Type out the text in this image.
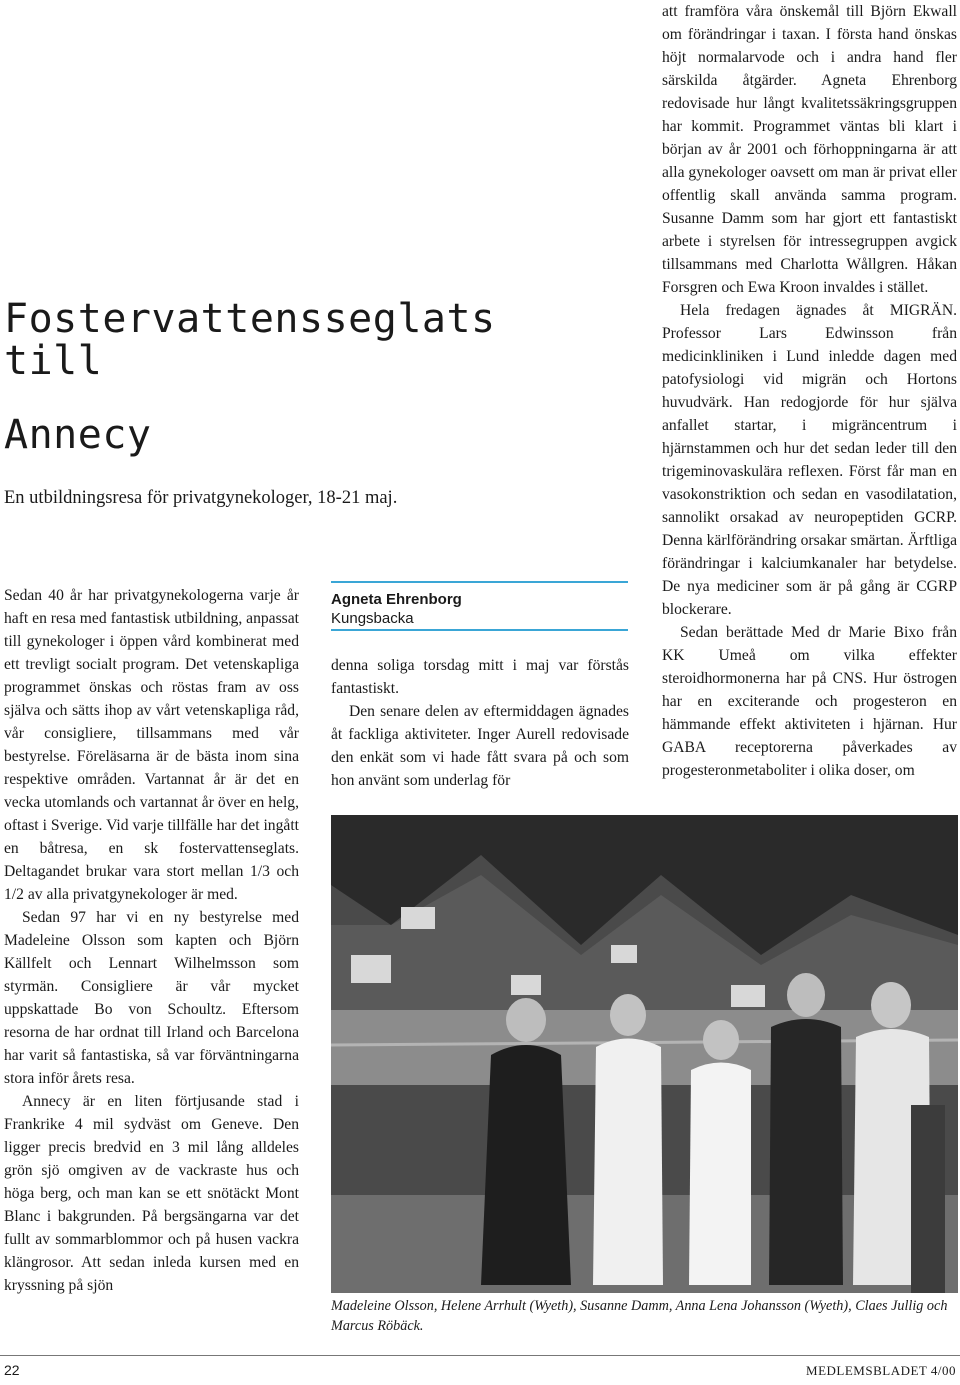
Fostervattensseglats till
Annecy

En utbildningsresa för privatgynekologer, 18-21 maj.

Sedan 40 år har privatgynekologerna varje år haft en resa med fantastisk utbildning, anpassat till gynekologer i öppen vård kombinerat med ett trevligt socialt program. Det vetenskapliga programmet önskas och röstas fram av oss själva och sätts ihop av vårt vetenskapliga råd, vår consigliere, tillsammans med vår bestyrelse. Föreläsarna är de bästa inom sina respektive områden. Vartannat år är det en vecka utomlands och vartannat år över en helg, oftast i Sverige. Vid varje tillfälle har det ingått en båtresa, en sk fostervattenseglats. Deltagandet brukar vara stort mellan 1/3 och 1/2 av alla privatgynekologer är med.

Sedan 97 har vi en ny bestyrelse med Madeleine Olsson som kapten och Björn Källfelt och Lennart Wilhelmsson som styrmän. Consigliere är vår mycket uppskattade Bo von Schoultz. Eftersom resorna de har ordnat till Irland och Barcelona har varit så fantastiska, så var förväntningarna stora inför årets resa.

Annecy är en liten förtjusande stad i Frankrike 4 mil sydväst om Geneve. Den ligger precis bredvid en 3 mil lång alldeles grön sjö omgiven av de vackraste hus och höga berg, och man kan se ett snötäckt Mont Blanc i bakgrunden. På bergsängarna var det fullt av sommarblommor och på husen vackra klängrosor. Att sedan inleda kursen med en kryssning på sjön

Agneta Ehrenborg
Kungsbacka

denna soliga torsdag mitt i maj var förstås fantastiskt.

Den senare delen av eftermiddagen ägnades åt fackliga aktiviteter. Inger Aurell redovisade den enkät som vi hade fått svara på och som hon använt som underlag för

att framföra våra önskemål till Björn Ekwall om förändringar i taxan. I första hand önskas höjt normalarvode och i andra hand fler särskilda åtgärder. Agneta Ehrenborg redovisade hur långt kvalitetssäkringsgruppen har kommit. Programmet väntas bli klart i början av år 2001 och förhoppningarna är att alla gynekologer oavsett om man är privat eller offentlig skall använda samma program. Susanne Damm som har gjort ett fantastiskt arbete i styrelsen för intressegruppen avgick tillsammans med Charlotta Wållgren. Håkan Forsgren och Ewa Kroon invaldes i stället.

Hela fredagen ägnades åt MIGRÄN. Professor Lars Edwinsson från medicinkliniken i Lund inledde dagen med patofysiologi vid migrän och Hortons huvudvärk. Han redogjorde för hur själva anfallet startar, i migräncentrum i hjärnstammen och hur det sedan leder till den trigeminovaskulära reflexen. Först får man en vasokonstriktion och sedan en vasodilatation, sannolikt orsakad av neuropeptiden GCRP. Denna kärlförändring orsakar smärtan. Ärftliga förändringar i kalciumkanaler har betydelse. De nya mediciner som är på gång är CGRP blockerare.

Sedan berättade Med dr Marie Bixo från KK Umeå om vilka effekter steroidhormonerna har på CNS. Hur östrogen har en exciterande och progesteron en hämmande effekt aktiviteten i hjärnan. Hur GABA receptorerna påverkades av progesteronmetaboliter i olika doser, om

Madeleine Olsson, Helene Arrhult (Wyeth), Susanne Damm, Anna Lena Johansson (Wyeth), Claes Jullig och Marcus Röbäck.

22	MEDLEMSBLADET 4/00
